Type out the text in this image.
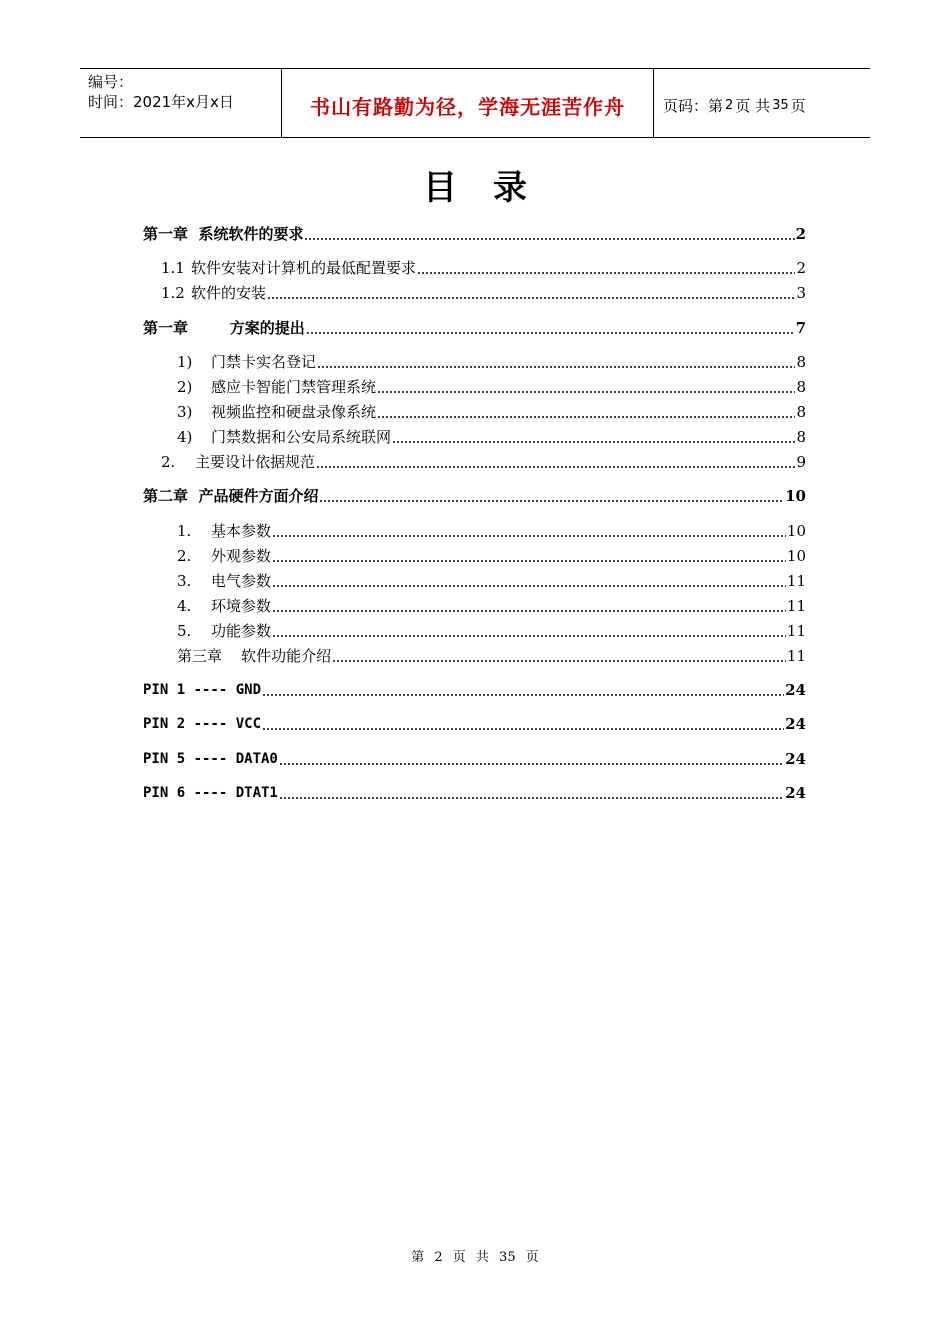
编号：
时间：2021年x月x日	书山有路勤为径，学海无涯苦作舟	页码：第 2 页 共 35 页
目录
第一章  系统软件的要求	2
1.1 软件安装对计算机的最低配置要求	2
1.2 软件的安装	3
第一章        方案的提出	7
1) 门禁卡实名登记	8
2) 感应卡智能门禁管理系统	8
3) 视频监控和硬盘录像系统	8
4) 门禁数据和公安局系统联网	8
2. 主要设计依据规范	9
第二章  产品硬件方面介绍	10
1. 基本参数	10
2. 外观参数	10
3. 电气参数	11
4. 环境参数	11
5. 功能参数	11
第三章    软件功能介绍	11
PIN 1 ---- GND	24
PIN 2 ---- VCC	24
PIN 5 ---- DATA0	24
PIN 6 ---- DTAT1	24
第 2 页 共 35 页
